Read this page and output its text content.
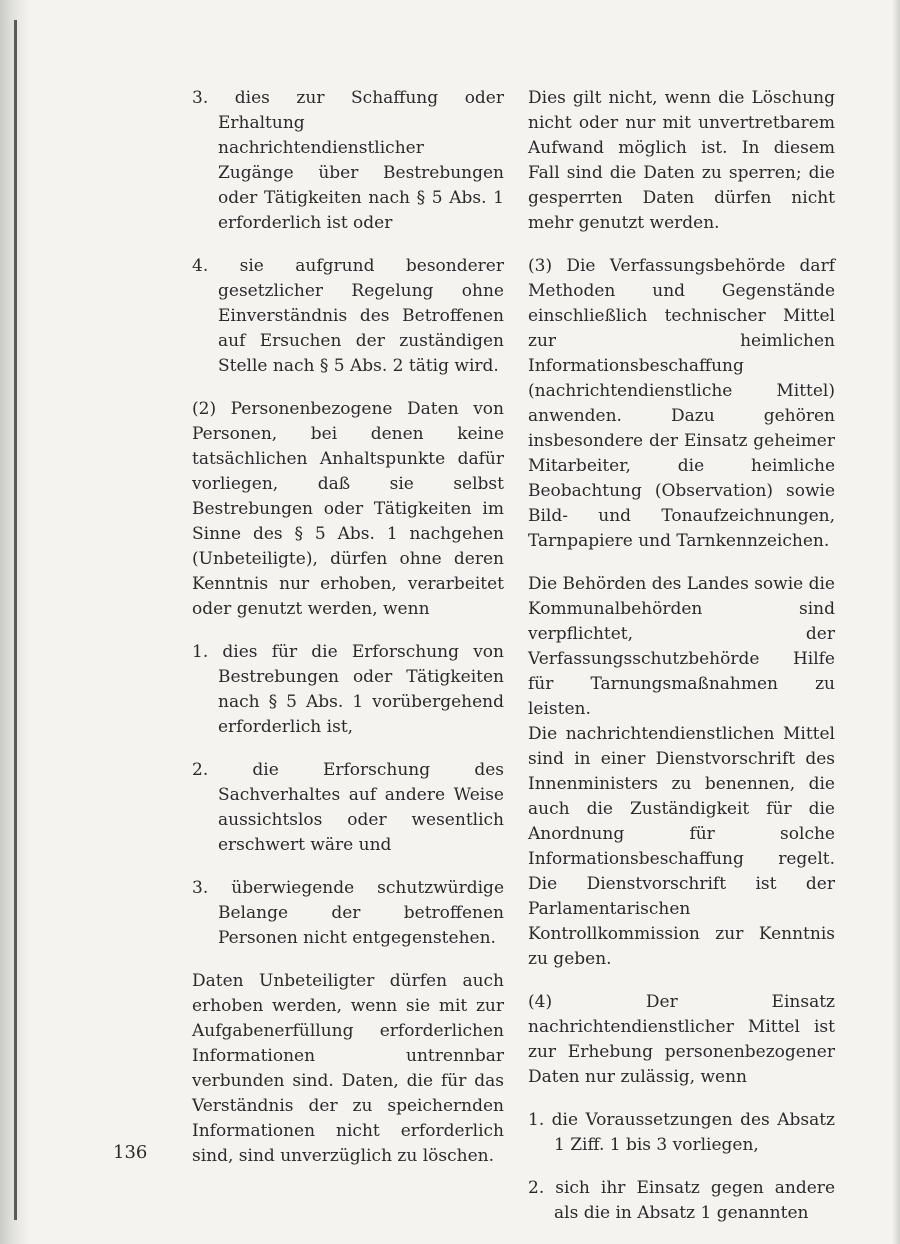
3. dies zur Schaffung oder Erhaltung nachrichtendienstlicher Zugänge über Bestrebungen oder Tätigkeiten nach § 5 Abs. 1 erforderlich ist oder

4. sie aufgrund besonderer gesetzlicher Regelung ohne Einverständnis des Betroffenen auf Ersuchen der zuständigen Stelle nach § 5 Abs. 2 tätig wird.

(2) Personenbezogene Daten von Personen, bei denen keine tatsächlichen Anhaltspunkte dafür vorliegen, daß sie selbst Bestrebungen oder Tätigkeiten im Sinne des § 5 Abs. 1 nachgehen (Unbeteiligte), dürfen ohne deren Kenntnis nur erhoben, verarbeitet oder genutzt werden, wenn

1. dies für die Erforschung von Bestrebungen oder Tätigkeiten nach § 5 Abs. 1 vorübergehend erforderlich ist,

2. die Erforschung des Sachverhaltes auf andere Weise aussichtslos oder wesentlich erschwert wäre und

3. überwiegende schutzwürdige Belange der betroffenen Personen nicht entgegenstehen.

Daten Unbeteiligter dürfen auch erhoben werden, wenn sie mit zur Aufgabenerfüllung erforderlichen Informationen untrennbar verbunden sind. Daten, die für das Verständnis der zu speichernden Informationen nicht erforderlich sind, sind unverzüglich zu löschen.

Dies gilt nicht, wenn die Löschung nicht oder nur mit unvertretbarem Aufwand möglich ist. In diesem Fall sind die Daten zu sperren; die gesperrten Daten dürfen nicht mehr genutzt werden.

(3) Die Verfassungsbehörde darf Methoden und Gegenstände einschließlich technischer Mittel zur heimlichen Informationsbeschaffung (nachrichtendienstliche Mittel) anwenden. Dazu gehören insbesondere der Einsatz geheimer Mitarbeiter, die heimliche Beobachtung (Observation) sowie Bild- und Tonaufzeichnungen, Tarnpapiere und Tarnkennzeichen.

Die Behörden des Landes sowie die Kommunalbehörden sind verpflichtet, der Verfassungsschutzbehörde Hilfe für Tarnungsmaßnahmen zu leisten.

Die nachrichtendienstlichen Mittel sind in einer Dienstvorschrift des Innenministers zu benennen, die auch die Zuständigkeit für die Anordnung für solche Informationsbeschaffung regelt. Die Dienstvorschrift ist der Parlamentarischen Kontrollkommission zur Kenntnis zu geben.

(4) Der Einsatz nachrichtendienstlicher Mittel ist zur Erhebung personenbezogener Daten nur zulässig, wenn

1. die Voraussetzungen des Absatz 1 Ziff. 1 bis 3 vorliegen,

2. sich ihr Einsatz gegen andere als die in Absatz 1 genannten

136
